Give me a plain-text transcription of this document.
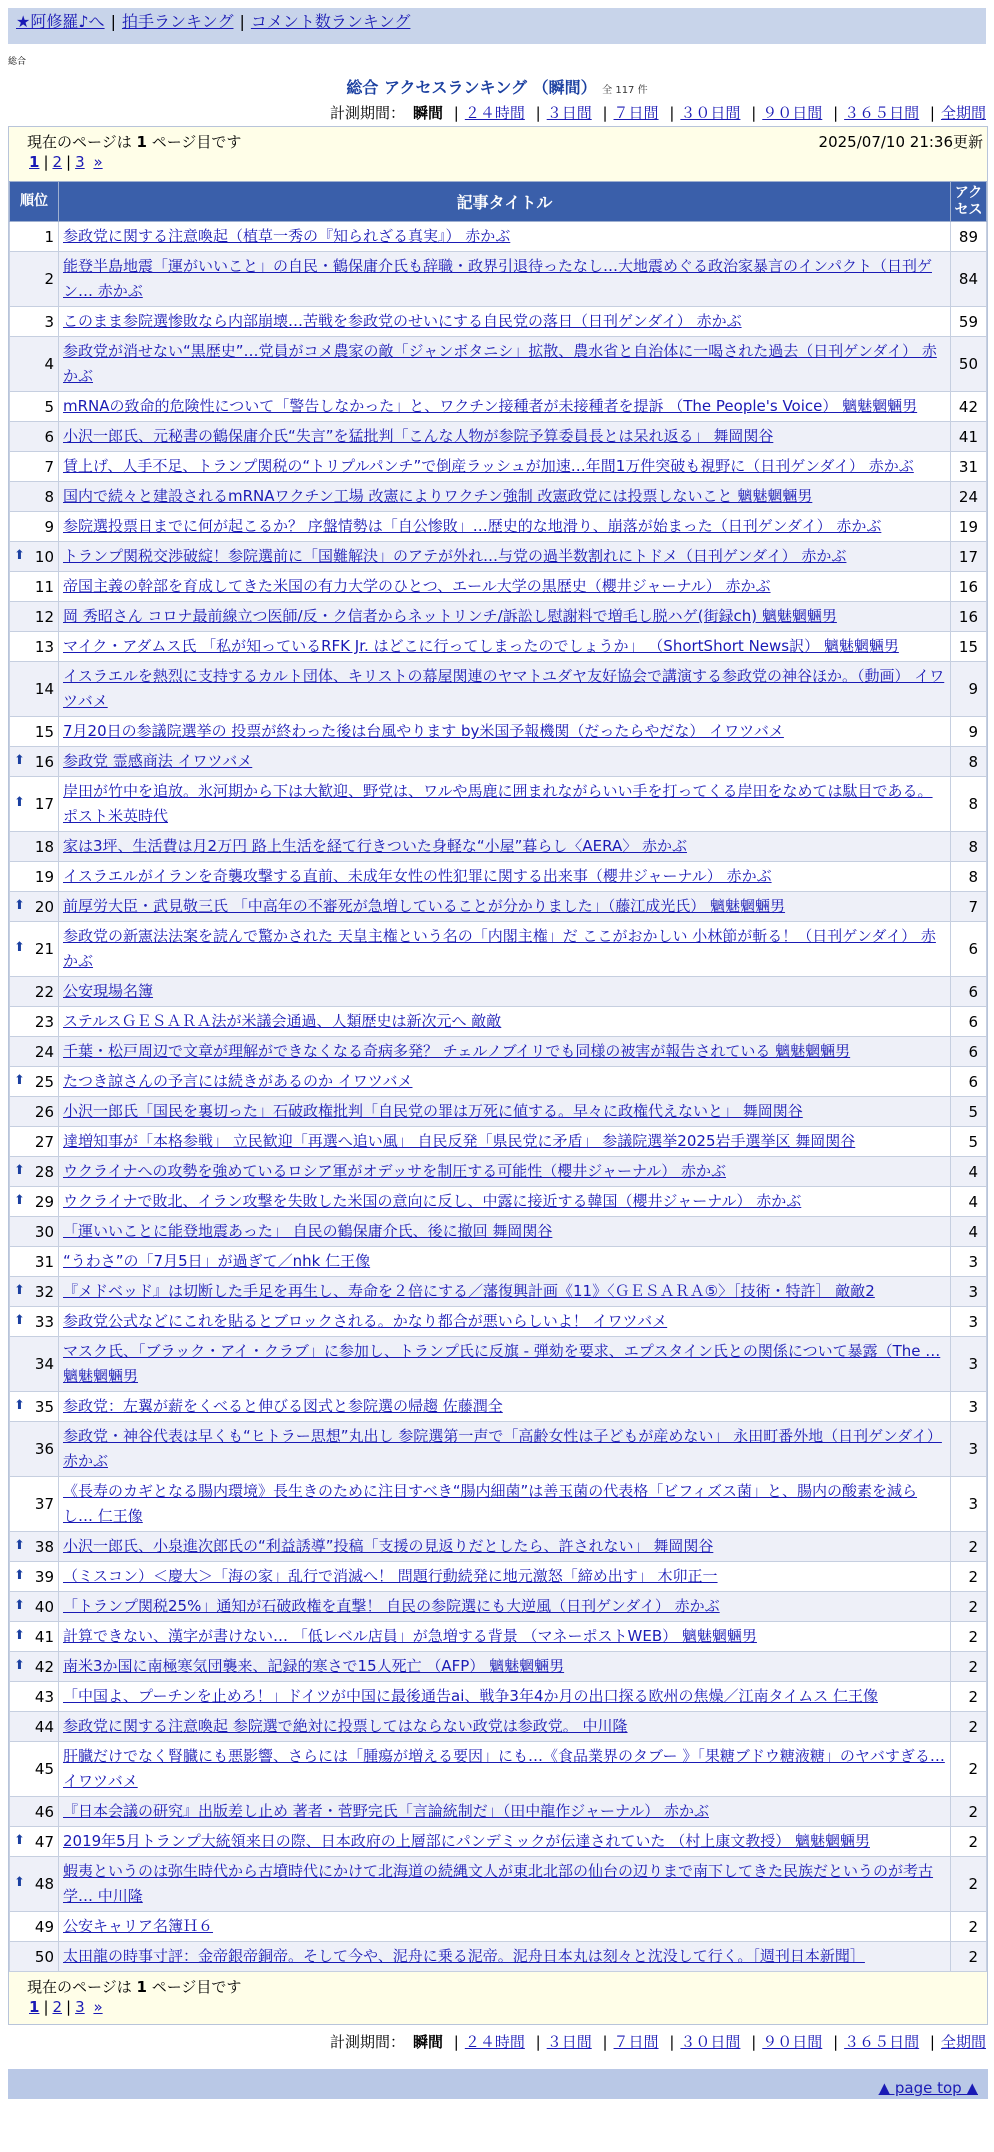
★阿修羅♪へ | 拍手ランキング | コメント数ランキング
総合
総合 アクセスランキング （瞬間） 全 117 件
計測期間： 瞬間 | ２４時間 | ３日間 | ７日間 | ３０日間 | ９０日間 | ３６５日間 | 全期間
現在のページは 1 ページ目です	2025/07/10 21:36更新
1 | 2 | 3 »
順位	記事タイトル	アクセス
1	参政党に関する注意喚起（植草一秀の『知られざる真実』） 赤かぶ	89
2	能登半島地震「運がいいこと」の自民・鶴保庸介氏も辞職・政界引退待ったなし…大地震めぐる政治家暴言のインパクト（日刊ゲン… 赤かぶ	84
3	このまま参院選惨敗なら内部崩壊…苦戦を参政党のせいにする自民党の落日（日刊ゲンダイ） 赤かぶ	59
4	参政党が消せない“黒歴史”…党員がコメ農家の敵「ジャンボタニシ」拡散、農水省と自治体に一喝された過去（日刊ゲンダイ） 赤かぶ	50
5	mRNAの致命的危険性について「警告しなかった」と、ワクチン接種者が未接種者を提訴 （The People's Voice） 魑魅魍魎男	42
6	小沢一郎氏、元秘書の鶴保庸介氏“失言”を猛批判「こんな人物が参院予算委員長とは呆れ返る」 舞岡関谷	41
7	賃上げ、人手不足、トランプ関税の“トリプルパンチ”で倒産ラッシュが加速…年間1万件突破も視野に（日刊ゲンダイ） 赤かぶ	31
8	国内で続々と建設されるmRNAワクチン工場 改憲によりワクチン強制 改憲政党には投票しないこと 魑魅魍魎男	24
9	参院選投票日までに何が起こるか？ 序盤情勢は「自公惨敗」…歴史的な地滑り、崩落が始まった（日刊ゲンダイ） 赤かぶ	19

⬆ 10	トランプ関税交渉破綻！参院選前に「国難解決」のアテが外れ…与党の過半数割れにトドメ（日刊ゲンダイ） 赤かぶ	17
11	帝国主義の幹部を育成してきた米国の有力大学のひとつ、エール大学の黒歴史（櫻井ジャーナル） 赤かぶ	16
12	岡 秀昭さん コロナ最前線立つ医師/反・ク信者からネットリンチ/訴訟し慰謝料で増毛し脱ハゲ(街録ch) 魑魅魍魎男	16
13	マイク・アダムス氏 「私が知っているRFK Jr. はどこに行ってしまったのでしょうか」 （ShortShort News訳） 魑魅魍魎男	15
14	イスラエルを熱烈に支持するカルト団体、キリストの幕屋関連のヤマトユダヤ友好協会で講演する参政党の神谷ほか。（動画） イワツバメ	9
15	7月20日の参議院選挙の 投票が終わった後は台風やります by米国予報機関（だったらやだな） イワツバメ	9

⬆ 16	参政党 霊感商法 イワツバメ	8

⬆ 17	岸田が竹中を追放。氷河期から下は大歓迎、野党は、ワルや馬鹿に囲まれながらいい手を打ってくる岸田をなめては駄目である。 ポスト米英時代	8
18	家は3坪、生活費は月2万円 路上生活を経て行きついた身軽な“小屋”暮らし〈AERA〉 赤かぶ	8
19	イスラエルがイランを奇襲攻撃する直前、未成年女性の性犯罪に関する出来事（櫻井ジャーナル） 赤かぶ	8

⬆ 20	前厚労大臣・武見敬三氏 「中高年の不審死が急増していることが分かりました」（藤江成光氏） 魑魅魍魎男	7

⬆ 21	参政党の新憲法法案を読んで驚かされた 天皇主権という名の「内閣主権」だ ここがおかしい 小林節が斬る！（日刊ゲンダイ） 赤かぶ	6
22	公安現場名簿	6
23	ステルスＧＥＳＡＲＡ法が米議会通過、人類歴史は新次元へ 敵敵	6
24	千葉・松戸周辺で文章が理解ができなくなる奇病多発？ チェルノブイリでも同様の被害が報告されている 魑魅魍魎男	6

⬆ 25	たつき諒さんの予言には続きがあるのか イワツバメ	6
26	小沢一郎氏「国民を裏切った」石破政権批判「自民党の罪は万死に値する。早々に政権代えないと」 舞岡関谷	5
27	達増知事が「本格参戦」 立民歓迎「再選へ追い風」 自民反発「県民党に矛盾」 参議院選挙2025岩手選挙区 舞岡関谷	5

⬆ 28	ウクライナへの攻勢を強めているロシア軍がオデッサを制圧する可能性（櫻井ジャーナル） 赤かぶ	4

⬆ 29	ウクライナで敗北、イラン攻撃を失敗した米国の意向に反し、中露に接近する韓国（櫻井ジャーナル） 赤かぶ	4
30	「運いいことに能登地震あった」 自民の鶴保庸介氏、後に撤回 舞岡関谷	4
31	“うわさ”の「7月5日」が過ぎて／nhk 仁王像	3

⬆ 32	『メドベッド』は切断した手足を再生し、寿命を２倍にする／藩復興計画《11》〈ＧＥＳＡＲＡ⑤〉［技術・特許］ 敵敵2	3

⬆ 33	参政党公式などにこれを貼るとブロックされる。かなり都合が悪いらしいよ！ イワツバメ	3
34	マスク氏、「ブラック・アイ・クラブ」に参加し、トランプ氏に反旗 - 弾劾を要求、エプスタイン氏との関係について暴露（The … 魑魅魍魎男	3

⬆ 35	参政党：左翼が薪をくべると伸びる図式と参院選の帰趨 佐藤潤全	3
36	参政党・神谷代表は早くも“ヒトラー思想”丸出し 参院選第一声で「高齢女性は子どもが産めない」 永田町番外地（日刊ゲンダイ） 赤かぶ	3
37	《長寿のカギとなる腸内環境》長生きのために注目すべき“腸内細菌”は善玉菌の代表格「ビフィズス菌」と、腸内の酸素を減らし… 仁王像	3

⬆ 38	小沢一郎氏、小泉進次郎氏の“利益誘導”投稿「支援の見返りだとしたら、許されない」 舞岡関谷	2

⬆ 39	（ミスコン）＜慶大＞「海の家」乱行で消滅へ！ 問題行動続発に地元激怒「締め出す」 木卯正一	2

⬆ 40	「トランプ関税25%」通知が石破政権を直撃！ 自民の参院選にも大逆風（日刊ゲンダイ） 赤かぶ	2

⬆ 41	計算できない、漢字が書けない… 「低レベル店員」が急増する背景 （マネーポストWEB） 魑魅魍魎男	2

⬆ 42	南米3か国に南極寒気団襲来、記録的寒さで15人死亡 （AFP） 魑魅魍魎男	2
43	「中国よ、プーチンを止めろ！」ドイツが中国に最後通告ai、戦争3年4か月の出口探る欧州の焦燥／江南タイムス 仁王像	2
44	参政党に関する注意喚起 参院選で絶対に投票してはならない政党は参政党。 中川隆	2
45	肝臓だけでなく腎臓にも悪影響、さらには「腫瘍が増える要因」にも…《食品業界のタブー 》「果糖ブドウ糖液糖」のヤバすぎる… イワツバメ	2
46	『日本会議の研究』出版差し止め 著者・菅野完氏「言論統制だ」（田中龍作ジャーナル） 赤かぶ	2

⬆ 47	2019年5月トランプ大統領来日の際、日本政府の上層部にパンデミックが伝達されていた （村上康文教授） 魑魅魍魎男	2

⬆ 48	蝦夷というのは弥生時代から古墳時代にかけて北海道の続縄文人が東北北部の仙台の辺りまで南下してきた民族だというのが考古学… 中川隆	2
49	公安キャリア名簿Ｈ６	2
50	太田龍の時事寸評：金帝銀帝銅帝。そして今や、泥舟に乗る泥帝。泥舟日本丸は刻々と沈没して行く。［週刊日本新聞］	2
現在のページは 1 ページ目です
1 | 2 | 3 »
計測期間： 瞬間 | ２４時間 | ３日間 | ７日間 | ３０日間 | ９０日間 | ３６５日間 | 全期間
▲ page top ▲
